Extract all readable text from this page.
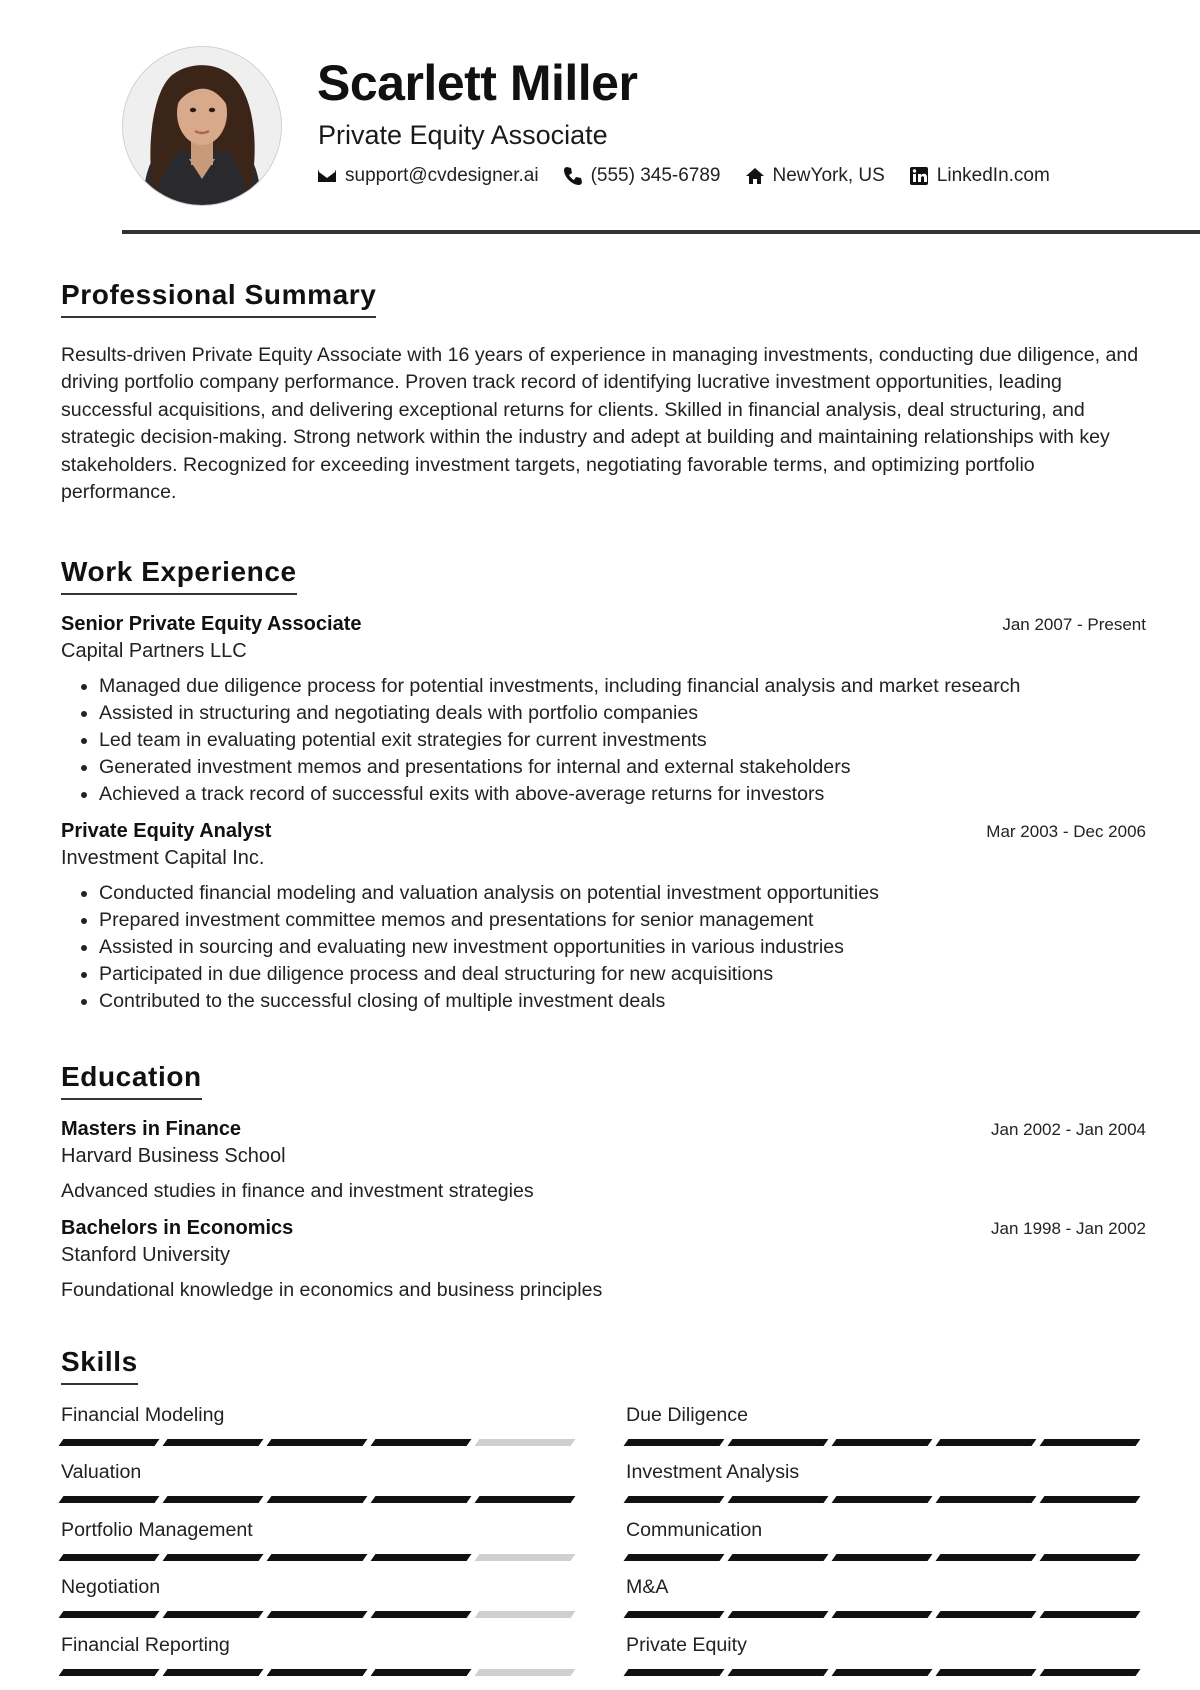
Scarlett Miller
Private Equity Associate
support@cvdesigner.ai	(555) 345-6789	NewYork, US	LinkedIn.com
Professional Summary

Results-driven Private Equity Associate with 16 years of experience in managing investments, conducting due diligence, and driving portfolio company performance. Proven track record of identifying lucrative investment opportunities, leading successful acquisitions, and delivering exceptional returns for clients. Skilled in financial analysis, deal structuring, and strategic decision-making. Strong network within the industry and adept at building and maintaining relationships with key stakeholders. Recognized for exceeding investment targets, negotiating favorable terms, and optimizing portfolio performance.

Work Experience
Senior Private Equity Associate	Jan 2007 - Present
Capital Partners LLC
• Managed due diligence process for potential investments, including financial analysis and market research
• Assisted in structuring and negotiating deals with portfolio companies
• Led team in evaluating potential exit strategies for current investments
• Generated investment memos and presentations for internal and external stakeholders
• Achieved a track record of successful exits with above-average returns for investors
Private Equity Analyst	Mar 2003 - Dec 2006
Investment Capital Inc.
• Conducted financial modeling and valuation analysis on potential investment opportunities
• Prepared investment committee memos and presentations for senior management
• Assisted in sourcing and evaluating new investment opportunities in various industries
• Participated in due diligence process and deal structuring for new acquisitions
• Contributed to the successful closing of multiple investment deals
Education
Masters in Finance	Jan 2002 - Jan 2004
Harvard Business School
Advanced studies in finance and investment strategies
Bachelors in Economics	Jan 1998 - Jan 2002
Stanford University
Foundational knowledge in economics and business principles
Skills
Financial Modeling	Due Diligence
Valuation	Investment Analysis
Portfolio Management	Communication
Negotiation	M&A
Financial Reporting	Private Equity
